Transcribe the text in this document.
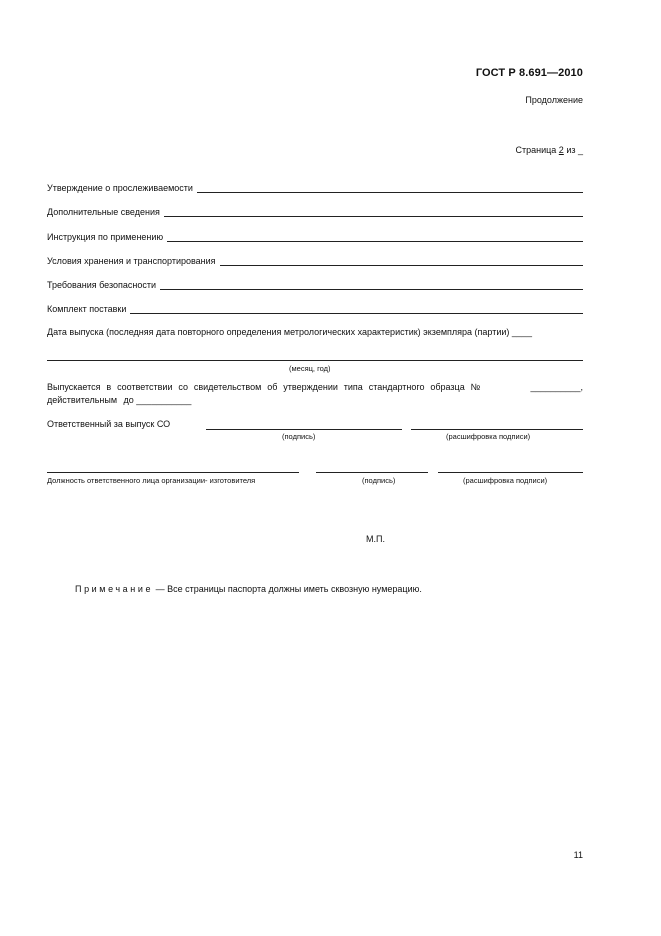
ГОСТ Р 8.691—2010
Продолжение
Страница 2 из _
Утверждение о прослеживаемости
Дополнительные сведения
Инструкция по применению
Условия хранения и транспортирования
Требования безопасности
Комплект поставки
Дата выпуска (последняя дата повторного определения метрологических характеристик) экземпляра (партии) ____
(месяц, год)
Выпускается в соответствии со свидетельством об утверждении типа стандартного образца №	__________,
действительным до ___________
Ответственный за выпуск СО
(подпись)	(расшифровка подписи)
Должность ответственного лица организации- изготовителя	(подпись)	(расшифровка подписи)
М.П.
Примечание — Все страницы паспорта должны иметь сквозную нумерацию.
11
